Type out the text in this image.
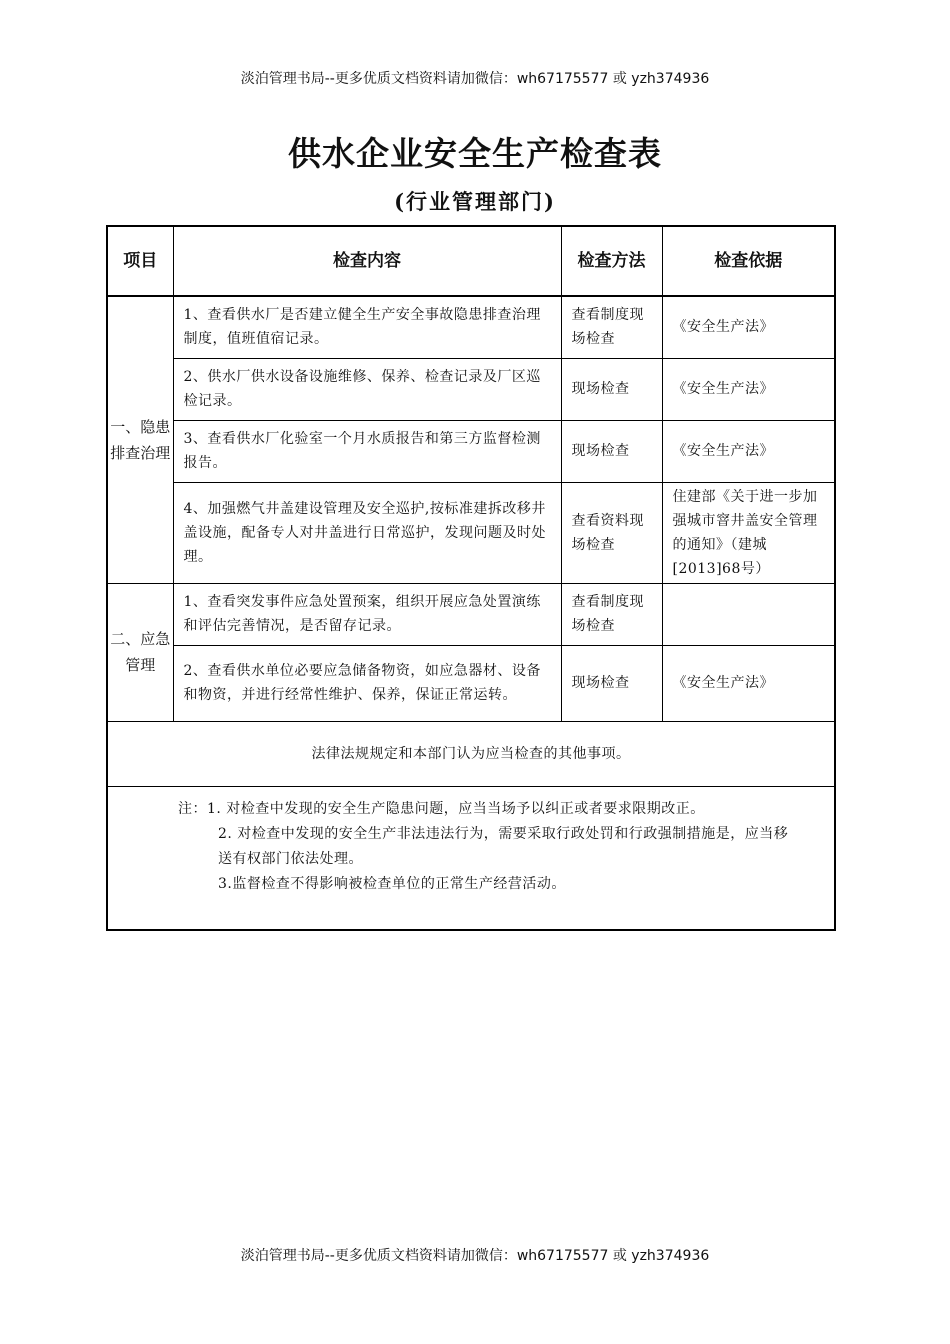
淡泊管理书局--更多优质文档资料请加微信：wh67175577 或 yzh374936
供水企业安全生产检查表
(行业管理部门)
项目	检查内容	检查方法	检查依据
一、隐患排查治理	1、查看供水厂是否建立健全生产安全事故隐患排查治理制度，值班值宿记录。	查看制度现场检查	《安全生产法》
	2、供水厂供水设备设施维修、保养、检查记录及厂区巡检记录。	现场检查	《安全生产法》
	3、查看供水厂化验室一个月水质报告和第三方监督检测报告。	现场检查	《安全生产法》
	4、加强燃气井盖建设管理及安全巡护,按标准建拆改移井盖设施，配备专人对井盖进行日常巡护，发现问题及时处理。	查看资料现场检查	住建部《关于进一步加强城市窨井盖安全管理的通知》（建城[2013]68号）
二、应急管理	1、查看突发事件应急处置预案，组织开展应急处置演练和评估完善情况，是否留存记录。	查看制度现场检查	
	2、查看供水单位必要应急储备物资，如应急器材、设备和物资，并进行经常性维护、保养，保证正常运转。	现场检查	《安全生产法》
法律法规规定和本部门认为应当检查的其他事项。			

注：1. 对检查中发现的安全生产隐患问题，应当当场予以纠正或者要求限期改正。
2. 对检查中发现的安全生产非法违法行为，需要采取行政处罚和行政强制措施是，应当移送有权部门依法处理。
3.监督检查不得影响被检查单位的正常生产经营活动。			
淡泊管理书局--更多优质文档资料请加微信：wh67175577 或 yzh374936
